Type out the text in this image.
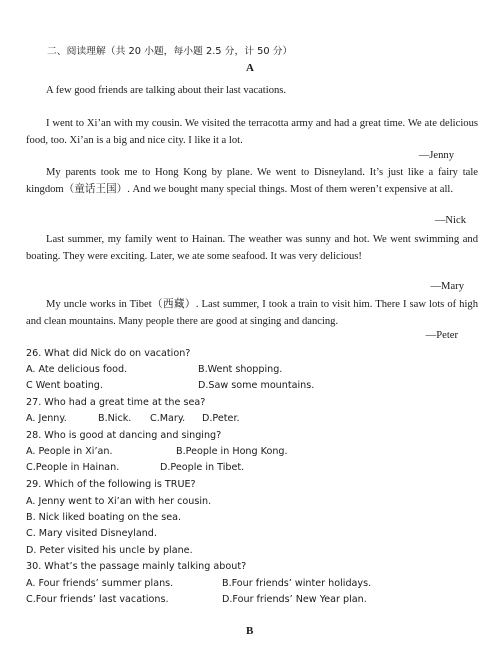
二、阅读理解（共 20 小题，每小题 2.5 分，计 50 分）
A
A few good friends are talking about their last vacations.
I went to Xi’an with my cousin. We visited the terracotta army and had a great time. We ate delicious food, too. Xi’an is a big and nice city. I like it a lot.
—Jenny
My parents took me to Hong Kong by plane. We went to Disneyland. It’s just like a fairy tale kingdom（童话王国）. And we bought many special things. Most of them weren’t expensive at all.
—Nick
Last summer, my family went to Hainan. The weather was sunny and hot. We went swimming and boating. They were exciting. Later, we ate some seafood. It was very delicious!
—Mary
My uncle works in Tibet（西藏）. Last summer, I took a train to visit him. There I saw lots of high and clean mountains. Many people there are good at singing and dancing.
—Peter
26. What did Nick do on vacation?
A. Ate delicious food.	B.Went shopping.
C Went boating.	D.Saw some mountains.
27. Who had a great time at the sea?
A. Jenny.	B.Nick. C.Mary. D.Peter.
28. Who is good at dancing and singing?
A. People in Xi’an.	B.People in Hong Kong.
C.People in Hainan.	D.People in Tibet.
29. Which of the following is TRUE?
A. Jenny went to Xi’an with her cousin.
B. Nick liked boating on the sea.
C. Mary visited Disneyland.
D. Peter visited his uncle by plane.
30. What’s the passage mainly talking about?
A. Four friends’ summer plans.	B.Four friends’ winter holidays.
C.Four friends’ last vacations.	D.Four friends’ New Year plan.
B
